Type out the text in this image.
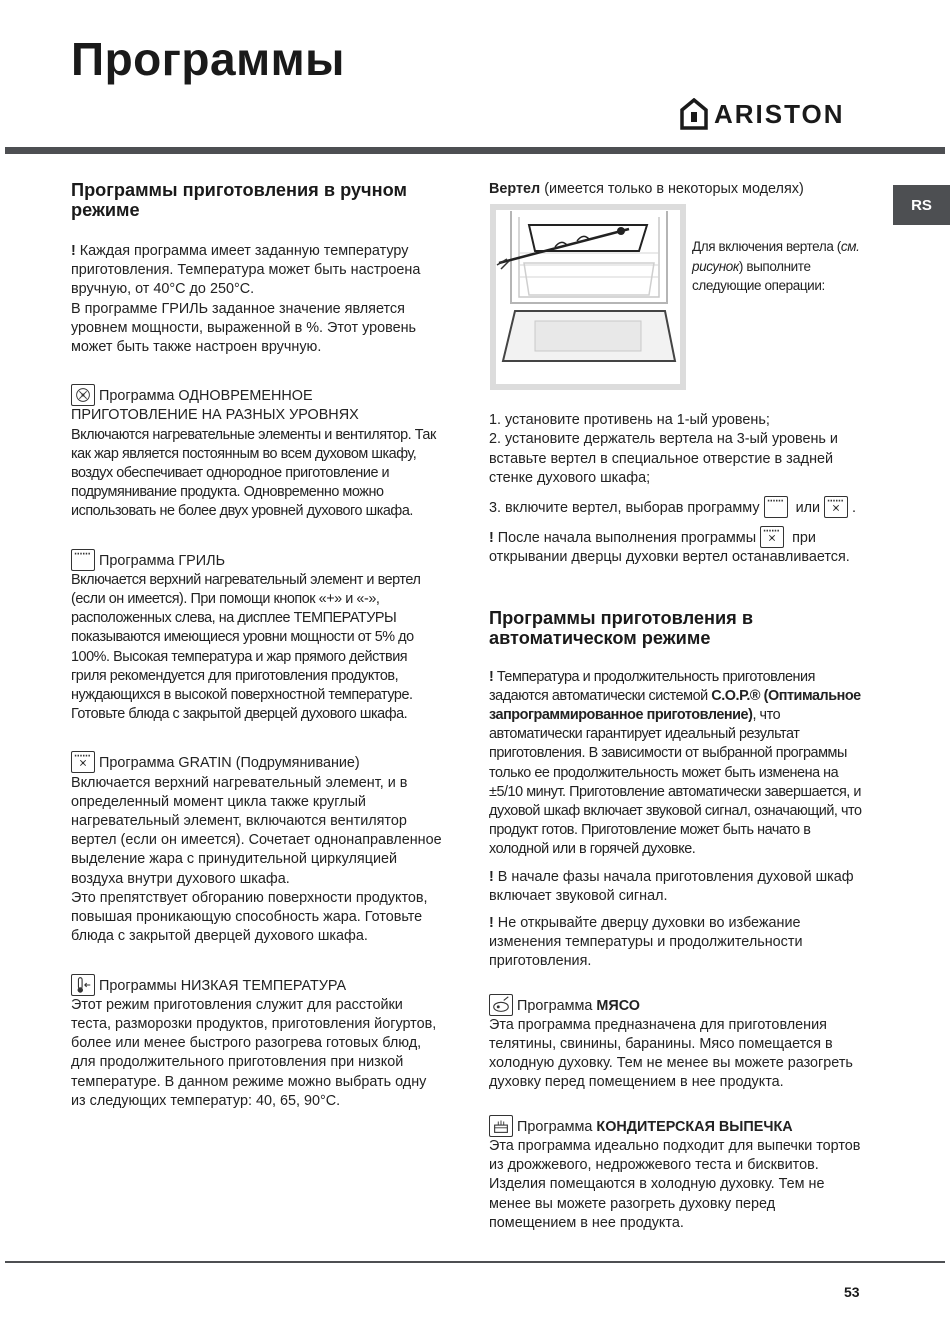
Программы
ARISTON
RS
Программы приготовления в ручном режиме

! Каждая программа имеет заданную температуру приготовления. Температура может быть настроена вручную, от 40°C до 250°C.

В программе ГРИЛЬ заданное значение является уровнем мощности, выраженной в %. Этот уровень может быть также настроен вручную.

Программа ОДНОВРЕМЕННОЕ ПРИГОТОВЛЕНИЕ НА РАЗНЫХ УРОВНЯХ

Включаются нагревательные элементы и вентилятор. Так как жар является постоянным во всем духовом шкафу, воздух обеспечивает однородное приготовление и подрумянивание продукта. Одновременно можно использовать не более двух уровней духового шкафа.

Программа ГРИЛЬ

Включается верхний нагревательный элемент и вертел (если он имеется). При помощи кнопок «+» и «-», расположенных слева, на дисплее ТЕМПЕРАТУРЫ показываются имеющиеся уровни мощности от 5% до 100%. Высокая температура и жар прямого действия гриля рекомендуется для приготовления продуктов, нуждающихся в высокой поверхностной температуре. Готовьте блюда с закрытой дверцей духового шкафа.

Программа GRATIN (Подрумянивание)

Включается верхний нагревательный элемент, и в определенный момент цикла также круглый нагревательный элемент, включаются вентилятор вертел (если он имеется). Сочетает однонаправленное выделение жара с принудительной циркуляцией воздуха внутри духового шкафа.

Это препятствует обгоранию поверхности продуктов, повышая проникающую способность жара. Готовьте блюда с закрытой дверцей духового шкафа.

Программы НИЗКАЯ ТЕМПЕРАТУРА

Этот режим приготовления служит для расстойки теста, разморозки продуктов, приготовления йогуртов, более или менее быстрого разогрева готовых блюд, для продолжительного приготовления при низкой температуре. В данном режиме можно выбрать одну из следующих температур: 40, 65, 90°C.

Вертел (имеется только в некоторых моделях)

Для включения вертела (см. рисунок) выполните следующие операции:

1. установите противень на 1-ый уровень;

2. установите держатель вертела на 3-ый уровень и вставьте вертел в специальное отверстие в задней стенке духового шкафа;

3. включите вертел, выборав программу	или .

! После начала выполнения программы	при открывании дверцы духовки вертел останавливается.

Программы приготовления в автоматическом режиме

! Температура и продолжительность приготовления задаются автоматически системой C.O.P.® (Оптимальное запрограммированное приготовление), что автоматически гарантирует идеальный результат приготовления. В зависимости от выбранной программы только ее продолжительность может быть изменена на ±5/10 минут. Приготовление автоматически завершается, и духовой шкаф включает звуковой сигнал, означающий, что продукт готов. Приготовление может быть начато в холодной или в горячей духовке.

! В начале фазы начала приготовления духовой шкаф включает звуковой сигнал.

! Не открывайте дверцу духовки во избежание изменения температуры и продолжительности приготовления.

Программа МЯСО

Эта программа предназначена для приготовления телятины, свинины, баранины. Мясо помещается в холодную духовку. Тем не менее вы можете разогреть духовку перед помещением в нее продукта.

Программа КОНДИТЕРСКАЯ ВЫПЕЧКА

Эта программа идеально подходит для выпечки тортов из дрожжевого, недрожжевого теста и бисквитов. Изделия помещаются в холодную духовку. Тем не менее вы можете разогреть духовку перед помещением в нее продукта.

53
